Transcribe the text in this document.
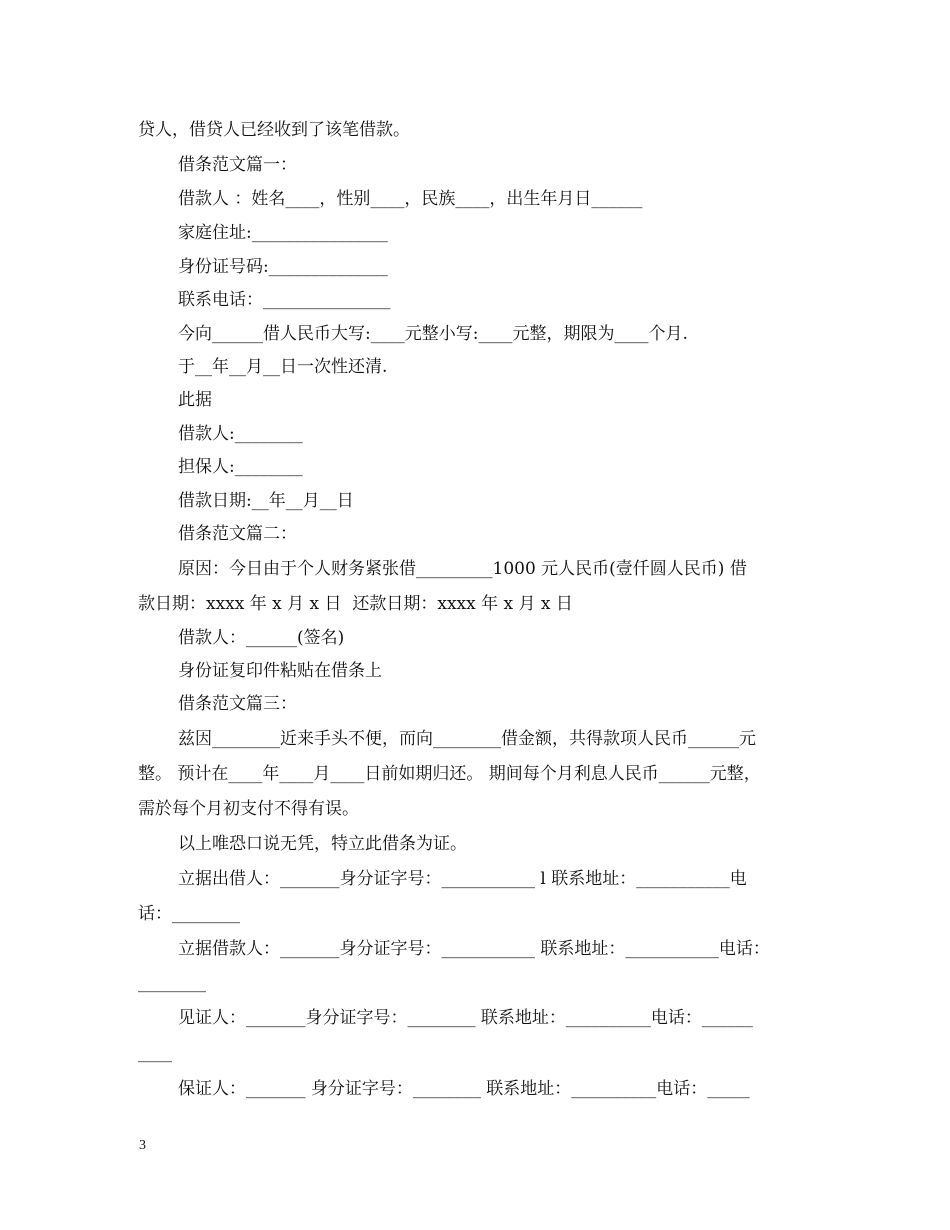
贷人，借贷人已经收到了该笔借款。
借条范文篇一：
借款人 ：姓名____，性别____，民族____，出生年月日______
家庭住址:________________
身份证号码:______________
联系电话：_______________
今向______借人民币大写:____元整小写:____元整，期限为____个月.
于__年__月__日一次性还清.
此据
借款人:________
担保人:________
借款日期:__年__月__日
借条范文篇二：
原因：今日由于个人财务紧张借_________1000 元人民币(壹仟圆人民币) 借
款日期：xxxx 年 x 月 x 日  还款日期：xxxx 年 x 月 x 日
借款人：______(签名)
身份证复印件粘贴在借条上
借条范文篇三：
兹因________近来手头不便，而向________借金额，共得款项人民币______元
整。 预计在____年____月____日前如期归还。 期间每个月利息人民币______元整，
需於每个月初支付不得有误。
以上唯恐口说无凭，特立此借条为证。
立据出借人：_______身分证字号：___________ l 联系地址：___________电
话：________
立据借款人：_______身分证字号：___________ 联系地址：___________电话：
________
见证人：_______身分证字号：________ 联系地址：__________电话：______
____
保证人：_______ 身分证字号：________ 联系地址：__________电话：_____
3
